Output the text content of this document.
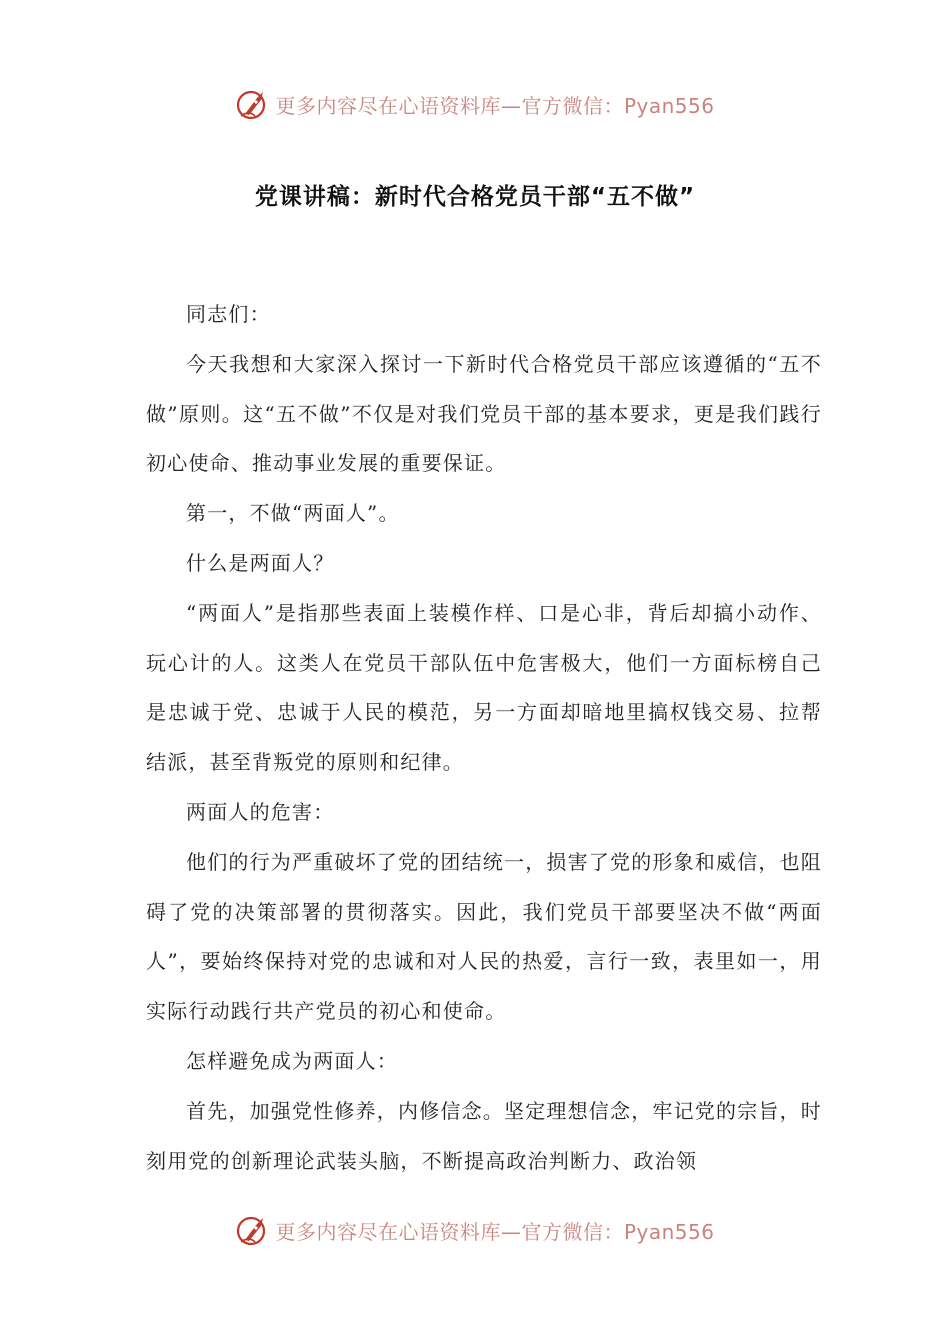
更多内容尽在心语资料库—官方微信：Pyan556
党课讲稿：新时代合格党员干部“五不做”

同志们：

今天我想和大家深入探讨一下新时代合格党员干部应该遵循的“五不做”原则。这“五不做”不仅是对我们党员干部的基本要求，更是我们践行初心使命、推动事业发展的重要保证。

第一，不做“两面人”。

什么是两面人？

“两面人”是指那些表面上装模作样、口是心非，背后却搞小动作、玩心计的人。这类人在党员干部队伍中危害极大，他们一方面标榜自己是忠诚于党、忠诚于人民的模范，另一方面却暗地里搞权钱交易、拉帮结派，甚至背叛党的原则和纪律。

两面人的危害：

他们的行为严重破坏了党的团结统一，损害了党的形象和威信，也阻碍了党的决策部署的贯彻落实。因此，我们党员干部要坚决不做“两面人”，要始终保持对党的忠诚和对人民的热爱，言行一致，表里如一，用实际行动践行共产党员的初心和使命。

怎样避免成为两面人：

首先，加强党性修养，内修信念。坚定理想信念，牢记党的宗旨，时刻用党的创新理论武装头脑，不断提高政治判断力、政治领

更多内容尽在心语资料库—官方微信：Pyan556
